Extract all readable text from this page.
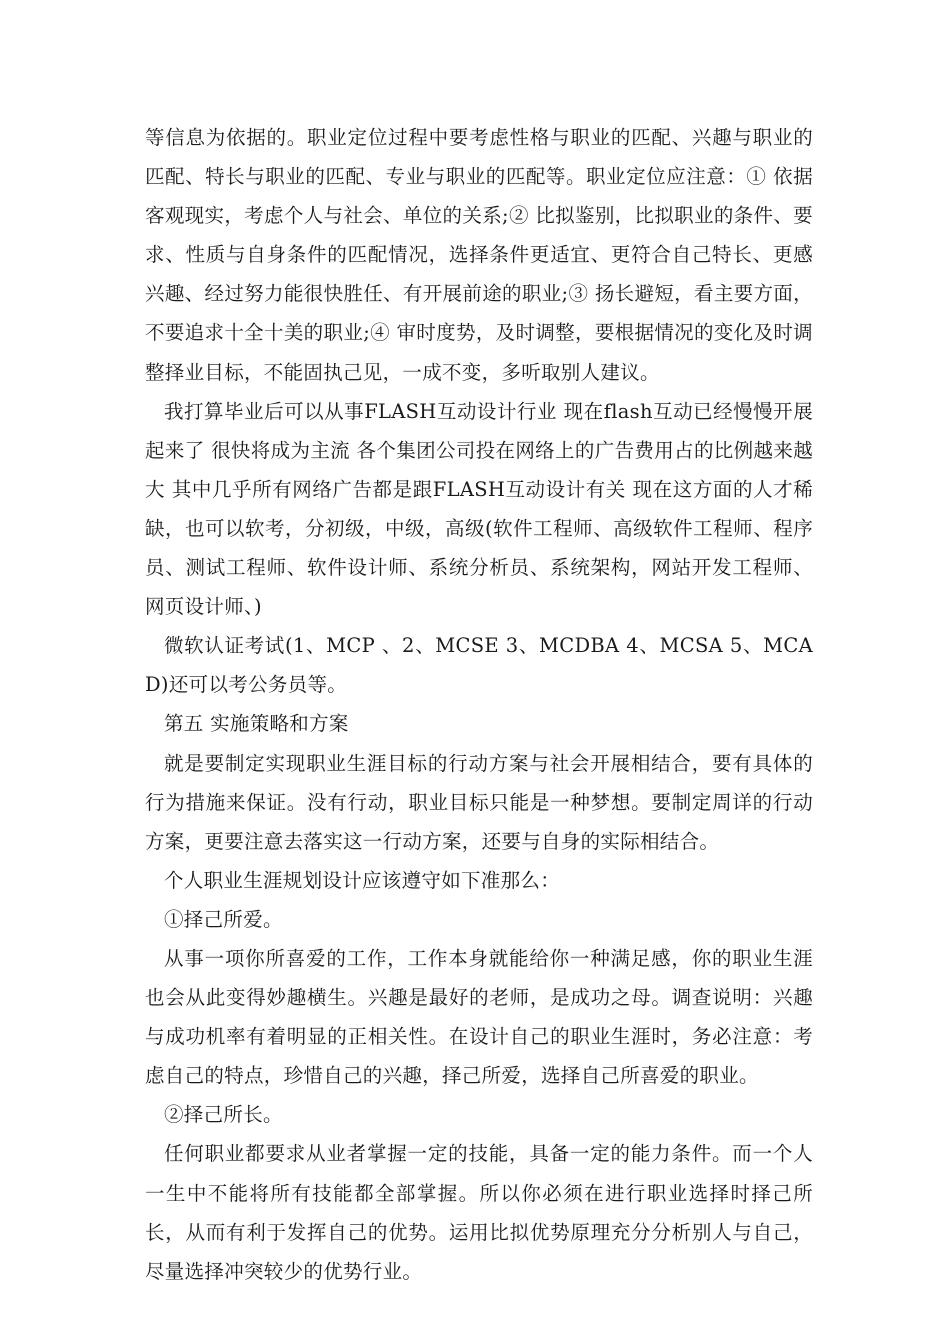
等信息为依据的。职业定位过程中要考虑性格与职业的匹配、兴趣与职业的匹配、特长与职业的匹配、专业与职业的匹配等。职业定位应注意：① 依据客观现实，考虑个人与社会、单位的关系;② 比拟鉴别，比拟职业的条件、要求、性质与自身条件的匹配情况，选择条件更适宜、更符合自己特长、更感兴趣、经过努力能很快胜任、有开展前途的职业;③ 扬长避短，看主要方面，不要追求十全十美的职业;④ 审时度势，及时调整，要根据情况的变化及时调整择业目标，不能固执己见，一成不变，多听取别人建议。

我打算毕业后可以从事FLASH互动设计行业 现在flash互动已经慢慢开展起来了 很快将成为主流 各个集团公司投在网络上的广告费用占的比例越来越大 其中几乎所有网络广告都是跟FLASH互动设计有关 现在这方面的人才稀缺，也可以软考，分初级，中级，高级(软件工程师、高级软件工程师、程序员、测试工程师、软件设计师、系统分析员、系统架构，网站开发工程师、网页设计师、)

微软认证考试(1、MCP 、2、MCSE 3、MCDBA 4、MCSA 5、MCAD)还可以考公务员等。

第五 实施策略和方案

就是要制定实现职业生涯目标的行动方案与社会开展相结合，要有具体的行为措施来保证。没有行动，职业目标只能是一种梦想。要制定周详的行动方案，更要注意去落实这一行动方案，还要与自身的实际相结合。

个人职业生涯规划设计应该遵守如下准那么：

①择己所爱。

从事一项你所喜爱的工作，工作本身就能给你一种满足感，你的职业生涯也会从此变得妙趣横生。兴趣是最好的老师，是成功之母。调查说明：兴趣与成功机率有着明显的正相关性。在设计自己的职业生涯时，务必注意：考虑自己的特点，珍惜自己的兴趣，择己所爱，选择自己所喜爱的职业。

②择己所长。

任何职业都要求从业者掌握一定的技能，具备一定的能力条件。而一个人一生中不能将所有技能都全部掌握。所以你必须在进行职业选择时择己所长，从而有利于发挥自己的优势。运用比拟优势原理充分分析别人与自己，尽量选择冲突较少的优势行业。
